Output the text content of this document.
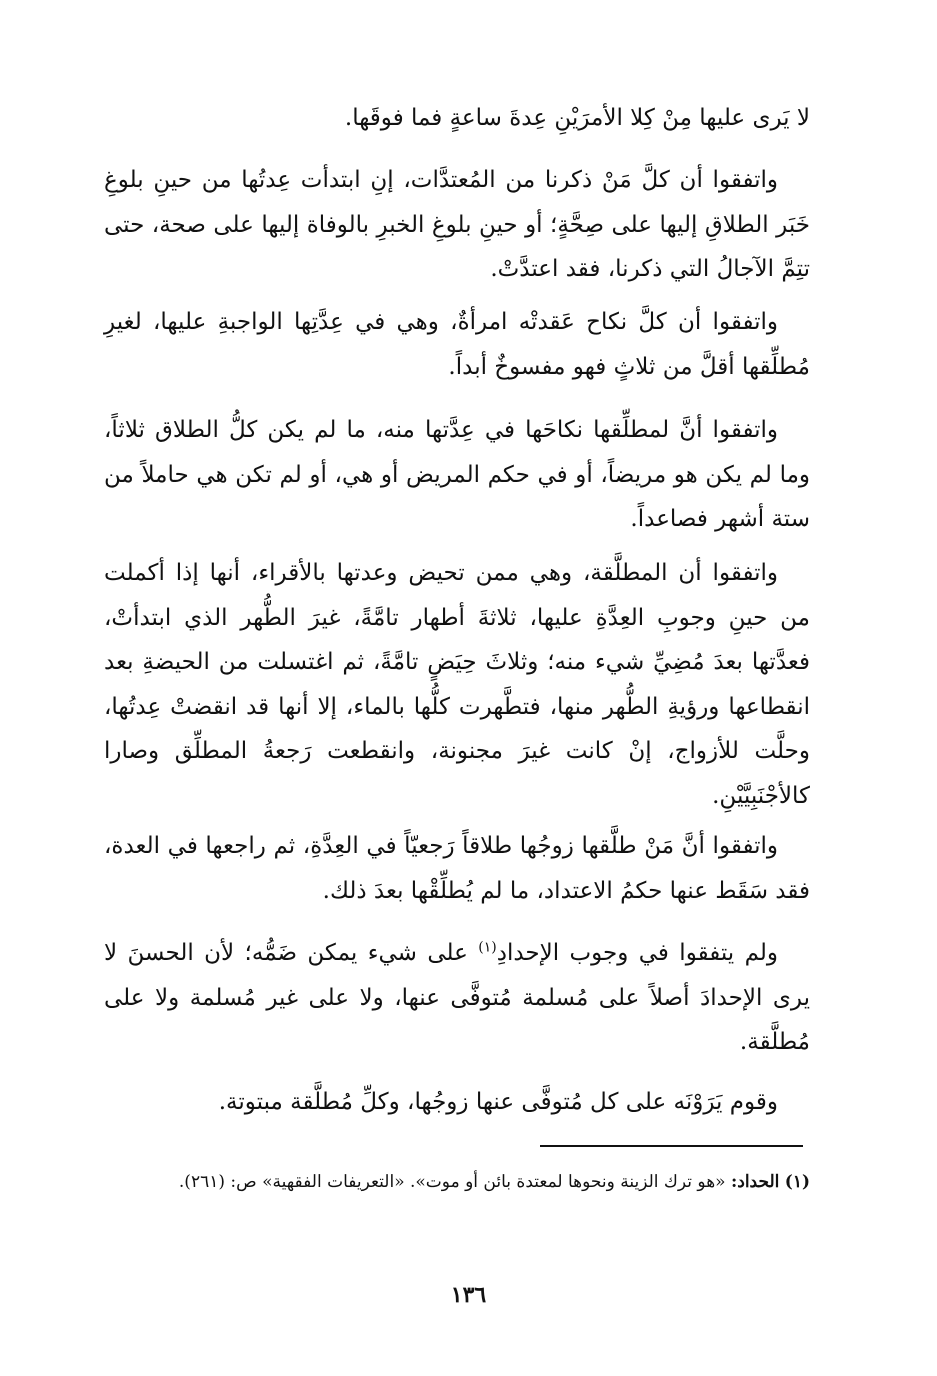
لا يَرى عليها مِنْ كِلا الأمرَيْنِ عِدةَ ساعةٍ فما فوقَها.

واتفقوا أن كلَّ مَنْ ذكرنا من المُعتدَّات، إنِ ابتدأت عِدتُها من حينِ بلوغِ خَبَر الطلاقِ إليها على صِحَّةٍ؛ أو حينِ بلوغِ الخبرِ بالوفاة إليها على صحة، حتى تتِمَّ الآجالُ التي ذكرنا، فقد اعتدَّتْ.

واتفقوا أن كلَّ نكاح عَقدتْه امرأةٌ، وهي في عِدَّتِها الواجبةِ عليها، لغيرِ مُطلِّقها أقلَّ من ثلاثٍ فهو مفسوخٌ أبداً.

واتفقوا أنَّ لمطلِّقها نكاحَها في عِدَّتها منه، ما لم يكن كلُّ الطلاق ثلاثاً، وما لم يكن هو مريضاً، أو في حكم المريض أو هي، أو لم تكن هي حاملاً من ستة أشهر فصاعداً.

واتفقوا أن المطلَّقة، وهي ممن تحيض وعدتها بالأقراء، أنها إذا أكملت من حينِ وجوبِ العِدَّةِ عليها، ثلاثةَ أطهار تامَّةً، غيرَ الطُّهر الذي ابتدأتْ، فعدَّتها بعدَ مُضِيِّ شيء منه؛ وثلاثَ حِيَضٍ تامَّةً، ثم اغتسلت من الحيضةِ بعد انقطاعها ورؤيةِ الطُّهر منها، فتطَّهرت كلُّها بالماء، إلا أنها قد انقضتْ عِدتُها، وحلَّت للأزواج، إنْ كانت غيرَ مجنونة، وانقطعت رَجعةُ المطلِّق وصارا كالأجْنَبِيَّيْنِ.

واتفقوا أنَّ مَنْ طلَّقها زوجُها طلاقاً رَجعيّاً في العِدَّةِ، ثم راجعها في العدة، فقد سَقَط عنها حكمُ الاعتداد، ما لم يُطلِّقْها بعدَ ذلك.

ولم يتفقوا في وجوب الإحدادِ$^{(١)}$ على شيء يمكن ضَمُّه؛ لأن الحسنَ لا يرى الإحدادَ أصلاً على مُسلمة مُتوفَّى عنها، ولا على غير مُسلمة ولا على مُطلَّقة.

وقوم يَرَوْنَه على كل مُتوفَّى عنها زوجُها، وكلِّ مُطلَّقة مبتوتة.

(١) الحداد: «هو ترك الزينة ونحوها لمعتدة بائن أو موت». «التعريفات الفقهية» ص: (٢٦١).
١٣٦
